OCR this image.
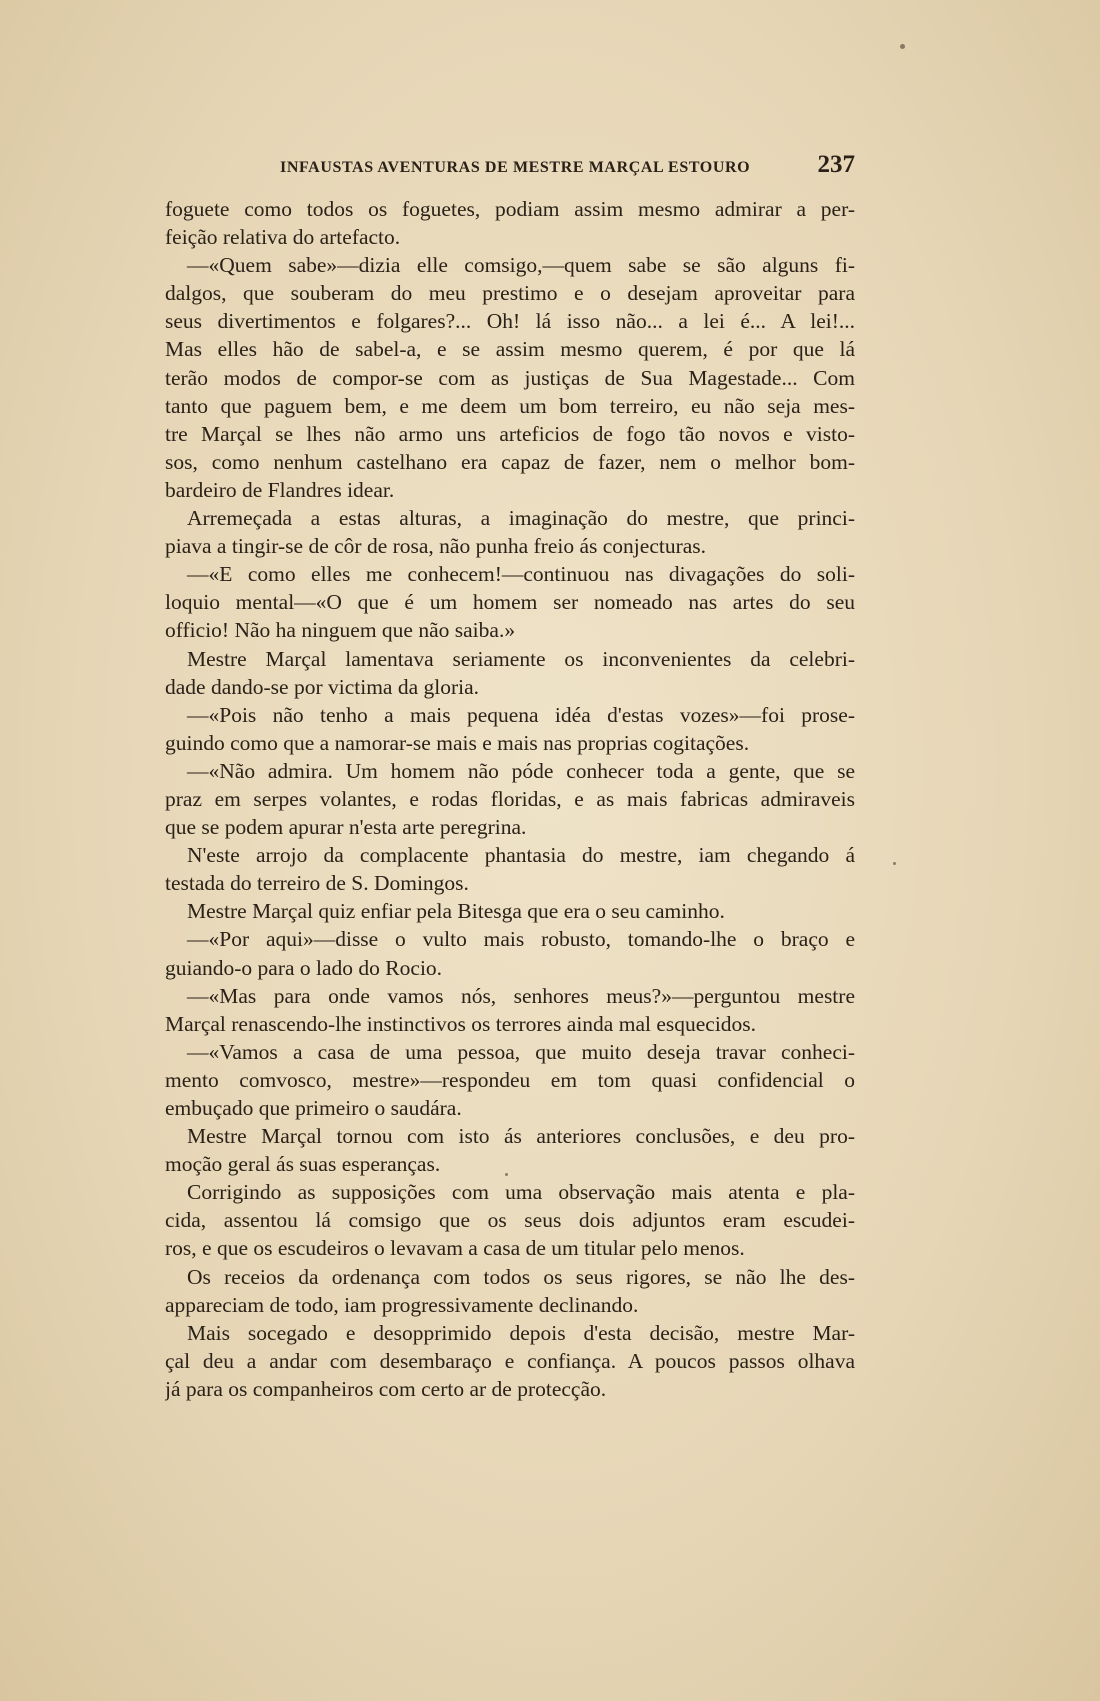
INFAUSTAS AVENTURAS DE MESTRE MARÇAL ESTOURO	237
foguete como todos os foguetes, podiam assim mesmo admirar a per-
feição relativa do artefacto.
—«Quem sabe»—dizia elle comsigo,—quem sabe se são alguns fi-
dalgos, que souberam do meu prestimo e o desejam aproveitar para
seus divertimentos e folgares?... Oh! lá isso não... a lei é... A lei!...
Mas elles hão de sabel-a, e se assim mesmo querem, é por que lá
terão modos de compor-se com as justiças de Sua Magestade... Com
tanto que paguem bem, e me deem um bom terreiro, eu não seja mes-
tre Marçal se lhes não armo uns arteficios de fogo tão novos e visto-
sos, como nenhum castelhano era capaz de fazer, nem o melhor bom-
bardeiro de Flandres idear.
Arremeçada a estas alturas, a imaginação do mestre, que princi-
piava a tingir-se de côr de rosa, não punha freio ás conjecturas.
—«E como elles me conhecem!—continuou nas divagações do soli-
loquio mental—«O que é um homem ser nomeado nas artes do seu
officio! Não ha ninguem que não saiba.»
Mestre Marçal lamentava seriamente os inconvenientes da celebri-
dade dando-se por victima da gloria.
—«Pois não tenho a mais pequena idéa d'estas vozes»—foi prose-
guindo como que a namorar-se mais e mais nas proprias cogitações.
—«Não admira. Um homem não póde conhecer toda a gente, que se
praz em serpes volantes, e rodas floridas, e as mais fabricas admiraveis
que se podem apurar n'esta arte peregrina.
N'este arrojo da complacente phantasia do mestre, iam chegando á
testada do terreiro de S. Domingos.
Mestre Marçal quiz enfiar pela Bitesga que era o seu caminho.
—«Por aqui»—disse o vulto mais robusto, tomando-lhe o braço e
guiando-o para o lado do Rocio.
—«Mas para onde vamos nós, senhores meus?»—perguntou mestre
Marçal renascendo-lhe instinctivos os terrores ainda mal esquecidos.
—«Vamos a casa de uma pessoa, que muito deseja travar conheci-
mento comvosco, mestre»—respondeu em tom quasi confidencial o
embuçado que primeiro o saudára.
Mestre Marçal tornou com isto ás anteriores conclusões, e deu pro-
moção geral ás suas esperanças.
Corrigindo as supposições com uma observação mais atenta e pla-
cida, assentou lá comsigo que os seus dois adjuntos eram escudei-
ros, e que os escudeiros o levavam a casa de um titular pelo menos.
Os receios da ordenança com todos os seus rigores, se não lhe des-
appareciam de todo, iam progressivamente declinando.
Mais socegado e desopprimido depois d'esta decisão, mestre Mar-
çal deu a andar com desembaraço e confiança. A poucos passos olhava
já para os companheiros com certo ar de protecção.
